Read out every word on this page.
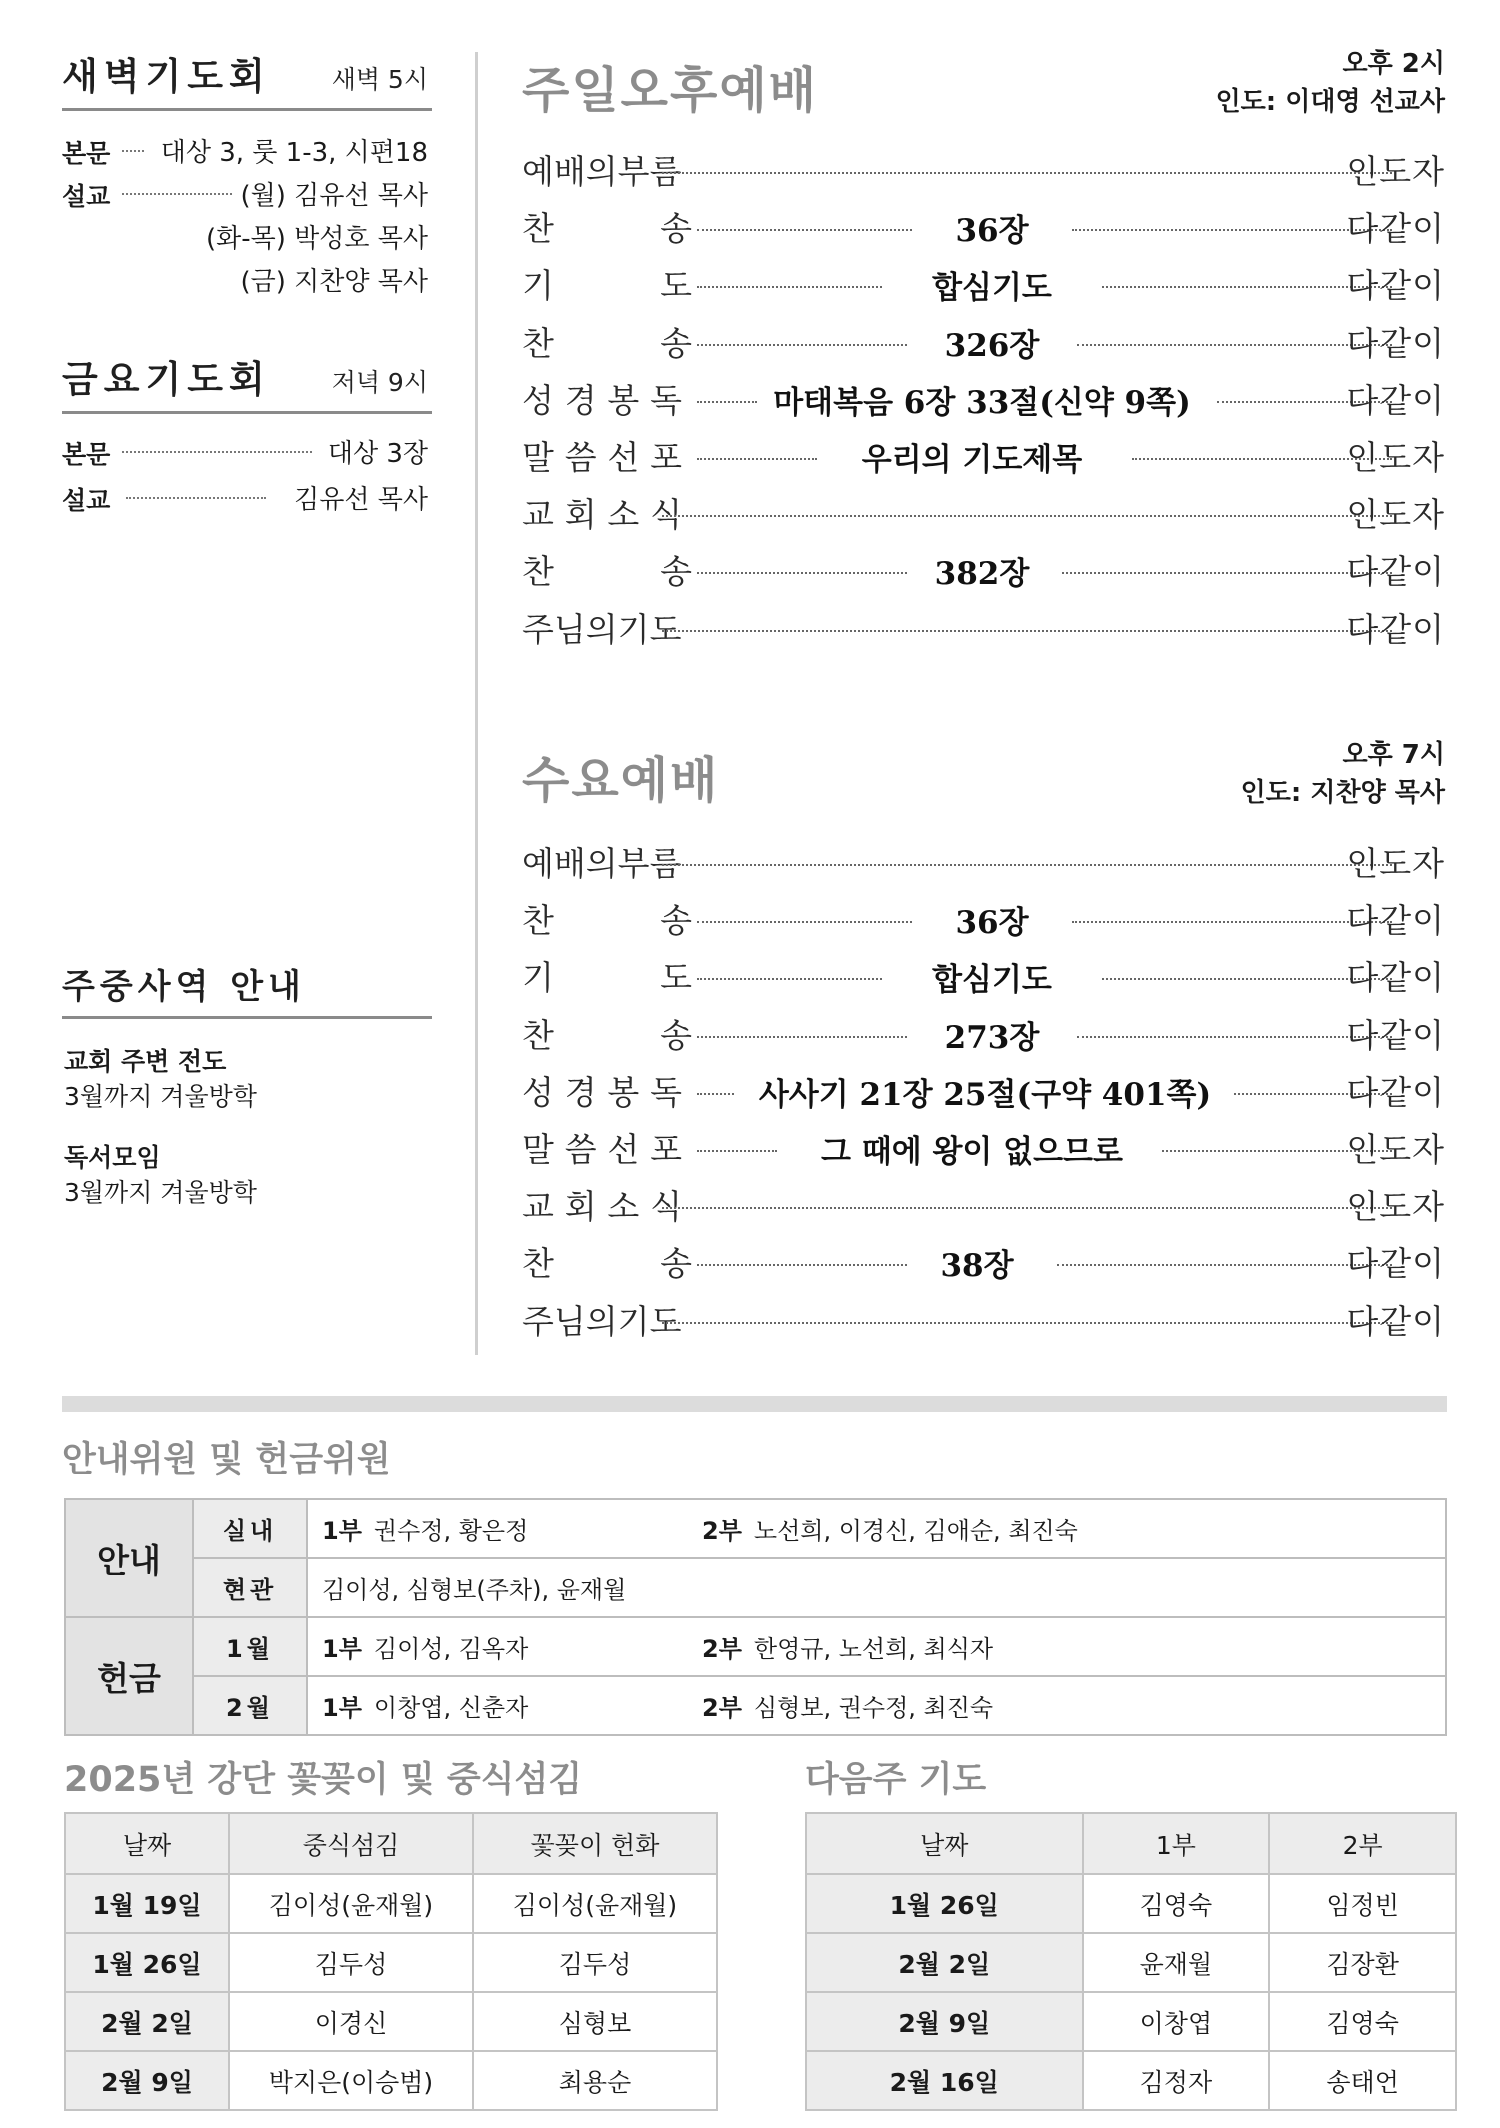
새벽기도회 새벽 5시
본문 대상 3, 룻 1-3, 시편18
설교	(월) 김유선 목사
(화-목) 박성호 목사
(금) 지찬양 목사
금요기도회 저녁 9시
본문	대상 3장
설교	김유선 목사
주중사역 안내
교회 주변 전도
3월까지 겨울방학
독서모임
3월까지 겨울방학
주일오후예배	오후 2시
인도: 이대영 선교사
예 배 의 부 름	인도자
찬	송	36장	다같이
기	도	합심기도	다같이
찬	송	326장	다같이
성 경 봉 독	마태복음 6장 33절(신약 9쪽)	다같이
말 씀 선 포	우리의 기도제목	인도자
교 회 소 식	인도자
찬	송	382장	다같이
주 님 의 기 도	다같이
수요예배	오후 7시
인도: 지찬양 목사
예 배 의 부 름	인도자
찬	송	36장	다같이
기	도	합심기도	다같이
찬	송	273장	다같이
성 경 봉 독	사사기 21장 25절(구약 401쪽)	다같이
말 씀 선 포	그 때에 왕이 없으므로	인도자
교 회 소 식	인도자
찬	송	38장	다같이
주 님 의 기 도	다같이
안내위원 및 헌금위원
안내	실내	1부 권수정, 황은정 2부 노선희, 이경신, 김애순, 최진숙
	현관	김이성, 심형보(주차), 윤재월
헌금	1월	1부 김이성, 김옥자 2부 한영규, 노선희, 최식자
	2월	1부 이창엽, 신춘자 2부 심형보, 권수정, 최진숙
2025년 강단 꽃꽂이 및 중식섬김
날짜	중식섬김	꽃꽂이 헌화
1월 19일	김이성(윤재월)	김이성(윤재월)
1월 26일	김두성	김두성
2월 2일	이경신	심형보
2월 9일	박지은(이승범)	최용순
다음주 기도
날짜	1부	2부
1월 26일	김영숙	임정빈
2월 2일	윤재월	김장환
2월 9일	이창엽	김영숙
2월 16일	김정자	송태언
